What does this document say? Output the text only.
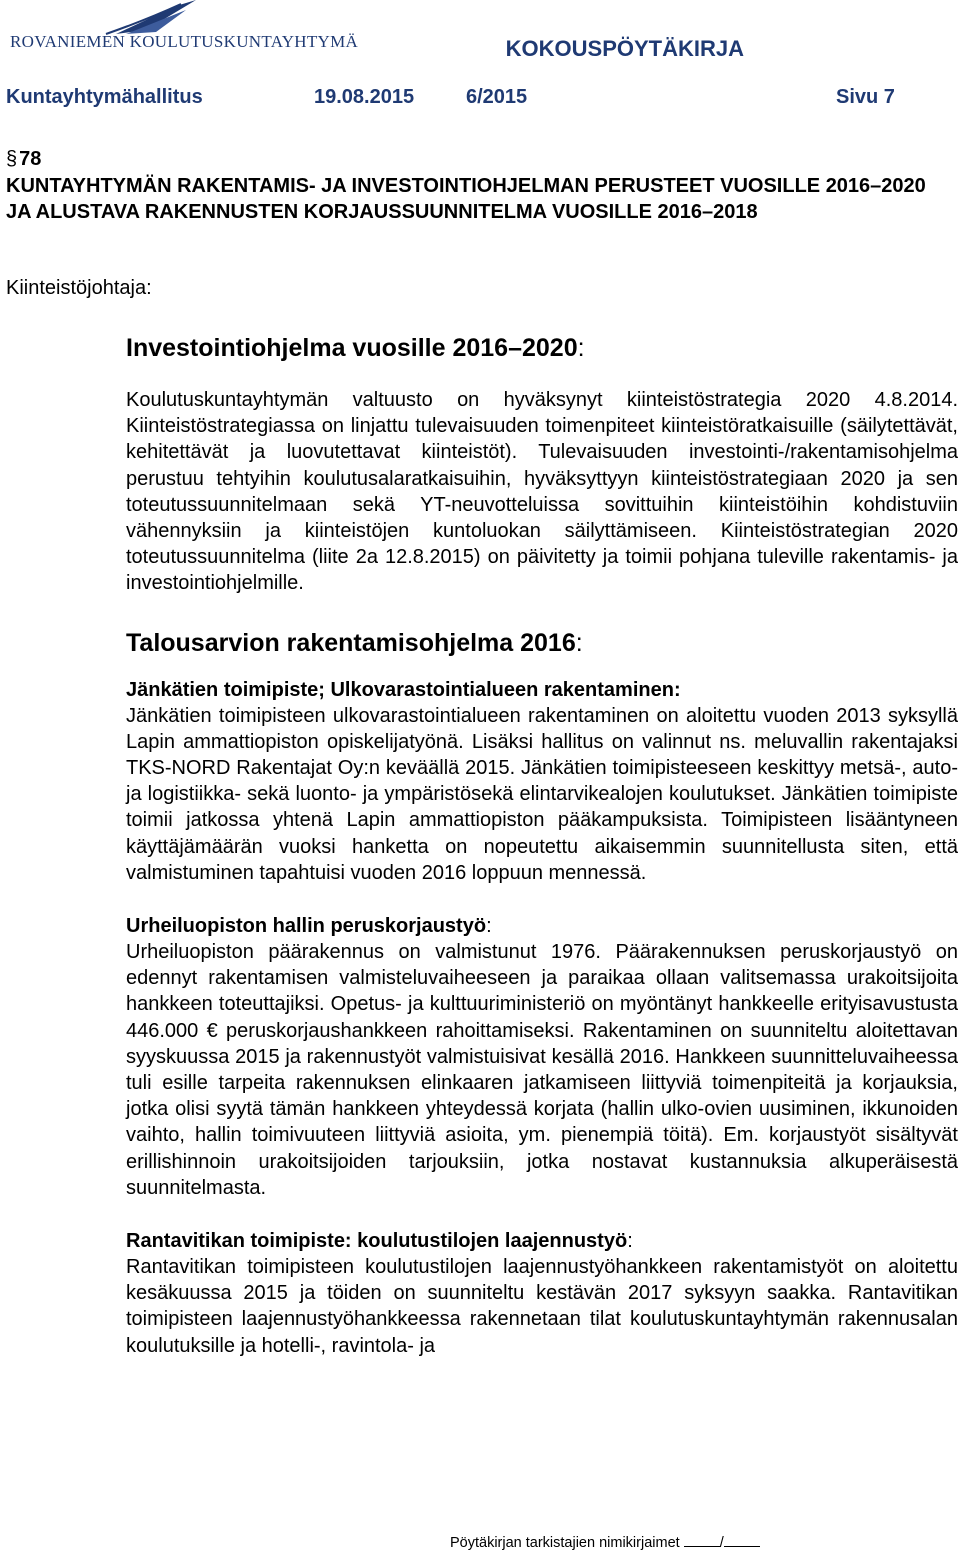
ROVANIEMEN KOULUTUSKUNTAYHTYMÄ	KOKOUSPÖYTÄKIRJA
Kuntayhtymähallitus	19.08.2015	6/2015	Sivu 7
§ 78
KUNTAYHTYMÄN RAKENTAMIS- JA INVESTOINTIOHJELMAN PERUSTEET VUOSILLE 2016–2020 JA ALUSTAVA RAKENNUSTEN KORJAUSSUUNNITELMA VUOSILLE 2016–2018
Kiinteistöjohtaja:
Investointiohjelma vuosille 2016–2020:

Koulutuskuntayhtymän valtuusto on hyväksynyt kiinteistöstrategia 2020 4.8.2014. Kiinteistöstrategiassa on linjattu tulevaisuuden toimenpiteet kiinteistöratkaisuille (säilytettävät, kehitettävät ja luovutettavat kiinteistöt). Tulevaisuuden investointi-/rakentamisohjelma perustuu tehtyihin koulutusalaratkaisuihin, hyväksyttyyn kiinteistöstrategiaan 2020 ja sen toteutussuunnitelmaan sekä YT-neuvotteluissa sovittuihin kiinteistöihin kohdistuviin vähennyksiin ja kiinteistöjen kuntoluokan säilyttämiseen. Kiinteistöstrategian 2020 toteutussuunnitelma (liite 2a 12.8.2015) on päivitetty ja toimii pohjana tuleville rakentamis- ja investointiohjelmille.

Talousarvion rakentamisohjelma 2016:
Jänkätien toimipiste; Ulkovarastointialueen rakentaminen:

Jänkätien toimipisteen ulkovarastointialueen rakentaminen on aloitettu vuoden 2013 syksyllä Lapin ammattiopiston opiskelijatyönä. Lisäksi hallitus on valinnut ns. meluvallin rakentajaksi TKS-NORD Rakentajat Oy:n keväällä 2015. Jänkätien toimipisteeseen keskittyy metsä-, auto- ja logistiikka- sekä luonto- ja ympäristösekä elintarvikealojen koulutukset. Jänkätien toimipiste toimii jatkossa yhtenä Lapin ammattiopiston pääkampuksista. Toimipisteen lisääntyneen käyttäjämäärän vuoksi hanketta on nopeutettu aikaisemmin suunnitellusta siten, että valmistuminen tapahtuisi vuoden 2016 loppuun mennessä.

Urheiluopiston hallin peruskorjaustyö:

Urheiluopiston päärakennus on valmistunut 1976. Päärakennuksen peruskorjaustyö on edennyt rakentamisen valmisteluvaiheeseen ja paraikaa ollaan valitsemassa urakoitsijoita hankkeen toteuttajiksi. Opetus- ja kulttuuriministeriö on myöntänyt hankkeelle erityisavustusta 446.000 € peruskorjaushankkeen rahoittamiseksi. Rakentaminen on suunniteltu aloitettavan syyskuussa 2015 ja rakennustyöt valmistuisivat kesällä 2016. Hankkeen suunnitteluvaiheessa tuli esille tarpeita rakennuksen elinkaaren jatkamiseen liittyviä toimenpiteitä ja korjauksia, jotka olisi syytä tämän hankkeen yhteydessä korjata (hallin ulko-ovien uusiminen, ikkunoiden vaihto, hallin toimivuuteen liittyviä asioita, ym. pienempiä töitä). Em. korjaustyöt sisältyvät erillishinnoin urakoitsijoiden tarjouksiin, jotka nostavat kustannuksia alkuperäisestä suunnitelmasta.

Rantavitikan toimipiste: koulutustilojen laajennustyö:

Rantavitikan toimipisteen koulutustilojen laajennustyöhankkeen rakentamistyöt on aloitettu kesäkuussa 2015 ja töiden on suunniteltu kestävän 2017 syksyyn saakka. Rantavitikan toimipisteen laajennustyöhankkeessa rakennetaan tilat koulutuskuntayhtymän rakennusalan koulutuksille ja hotelli-, ravintola- ja

Pöytäkirjan tarkistajien nimikirjaimet	/
